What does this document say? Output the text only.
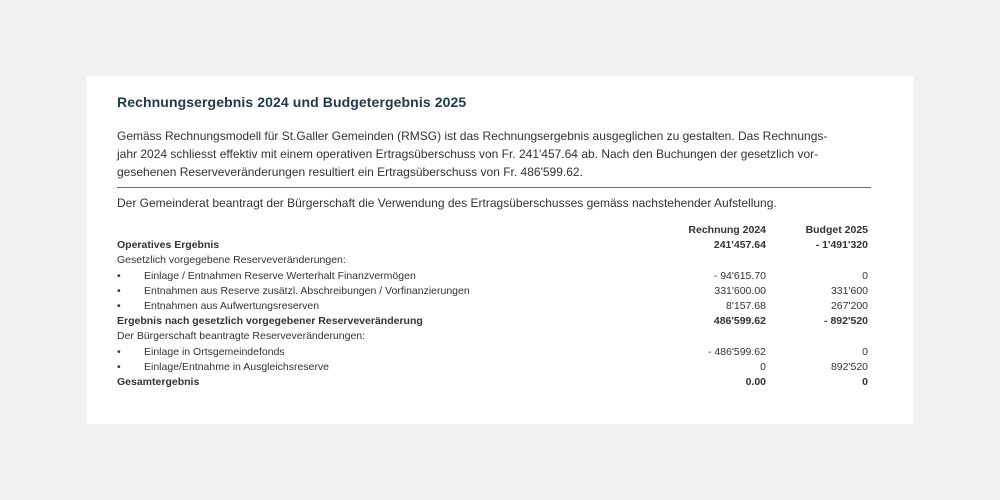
Rechnungsergebnis 2024 und Budgetergebnis 2025

Gemäss Rechnungsmodell für St.Galler Gemeinden (RMSG) ist das Rechnungsergebnis ausgeglichen zu gestalten. Das Rechnungs-

jahr 2024 schliesst effektiv mit einem operativen Ertragsüberschuss von Fr. 241'457.64 ab. Nach den Buchungen der gesetzlich vor-

gesehenen Reserveveränderungen resultiert ein Ertragsüberschuss von Fr. 486'599.62.

Der Gemeinderat beantragt der Bürgerschaft die Verwendung des Ertragsüberschusses gemäss nachstehender Aufstellung.
	Rechnung 2024	Budget 2025
Operatives Ergebnis	241'457.64	- 1'491'320
Gesetzlich vorgegebene Reserveveränderungen:		
• Einlage / Entnahmen Reserve Werterhalt Finanzvermögen	- 94'615.70	0
• Entnahmen aus Reserve zusätzl. Abschreibungen / Vorfinanzierungen	331'600.00	331'600
• Entnahmen aus Aufwertungsreserven	8'157.68	267'200
Ergebnis nach gesetzlich vorgegebener Reserveveränderung	486'599.62	- 892'520
Der Bürgerschaft beantragte Reserveveränderungen:		
• Einlage in Ortsgemeindefonds	- 486'599.62	0
• Einlage/Entnahme in Ausgleichsreserve	0	892'520
Gesamtergebnis	0.00	0
